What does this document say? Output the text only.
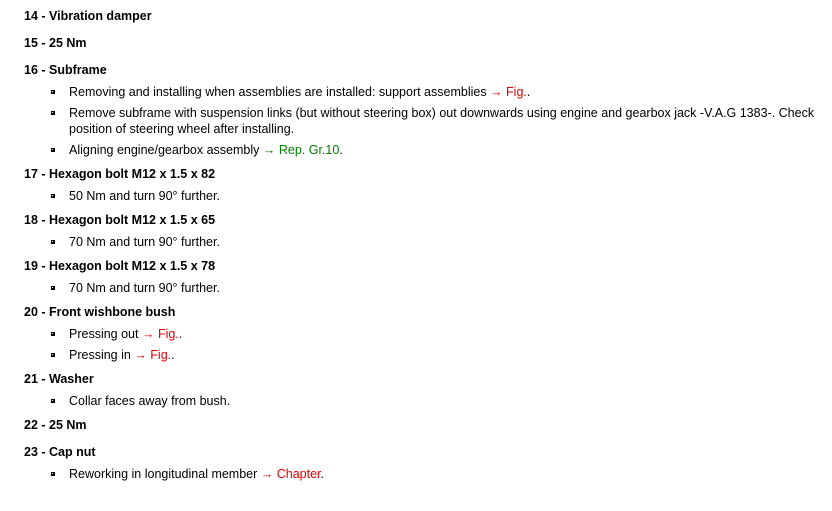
14 - Vibration damper
15 - 25 Nm
16 - Subframe
Removing and installing when assemblies are installed: support assemblies → Fig..
Remove subframe with suspension links (but without steering box) out downwards using engine and gearbox jack -V.A.G 1383-. Check position of steering wheel after installing.
Aligning engine/gearbox assembly → Rep. Gr.10.
17 - Hexagon bolt M12 x 1.5 x 82
50 Nm and turn 90° further.
18 - Hexagon bolt M12 x 1.5 x 65
70 Nm and turn 90° further.
19 - Hexagon bolt M12 x 1.5 x 78
70 Nm and turn 90° further.
20 - Front wishbone bush
Pressing out → Fig..
Pressing in → Fig..
21 - Washer
Collar faces away from bush.
22 - 25 Nm
23 - Cap nut
Reworking in longitudinal member → Chapter.
